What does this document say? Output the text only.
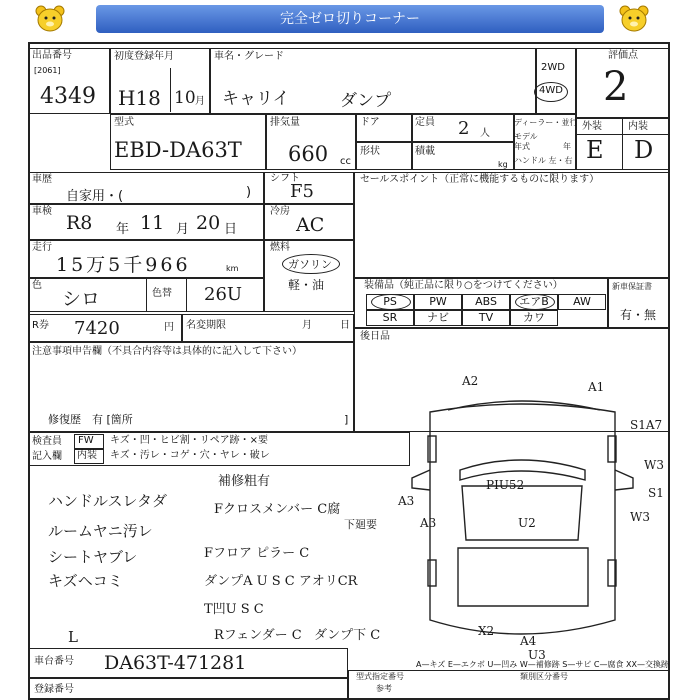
完全ゼロ切りコーナー
出品番号
[2061]
4349
初度登録年月
H18 10 月
車名・グレード
キャリイ	ダンプ
2WD
4WD
評価点
2
型式
EBD-DA63T
排気量
660 cc
ドア	定員 2 人
ディーラー・並行
モデル
年式	年
ハンドル 左・右
形状	積載
kg
外装	内装
E D
車歴
自家用・(	)
シフト
F5
車検
R8 年 11 月 20 日
冷房
AC
走行
15万5千966	km
燃料
ガソリン
軽・油
色
シロ	色替 26U
セールスポイント（正常に機能するものに限ります）
装備品（純正品に限り○をつけてください）
PS	PW	ABS	エアB	AW
SR	ナビ	TV	カワ
新車保証書
有・無
R券 7420	円 名変期限	月	日
後日品
注意事項申告欄（不具合内容等は具体的に記入して下さい）
修復歴　有 [箇所	]
検査員
記入欄
FW キズ・凹・ヒビ割・リペア跡・×要
内装 キズ・汚レ・コゲ・穴・ヤレ・破レ
ハンドルスレタダ
ルームヤニ汚レ
シートヤブレ
キズヘコミ
L
補修粗有
Fクロスメンバー C腐
下廻要
Fフロア ピラー C
ダンプA U S C アオリCR
T凹U S C
Rフェンダー C ダンプ下 C
A2	A1
S1A7
A3
S1
W3
A3	W3
PIU52
U2
X2
A4
U3
車台番号 DA63T-471281	A—キズ E—エクボ U—凹み W—補修跡 S—サビ C—腐食 XX—交換跡
登録番号
型式指定番号	類別区分番号
参考
